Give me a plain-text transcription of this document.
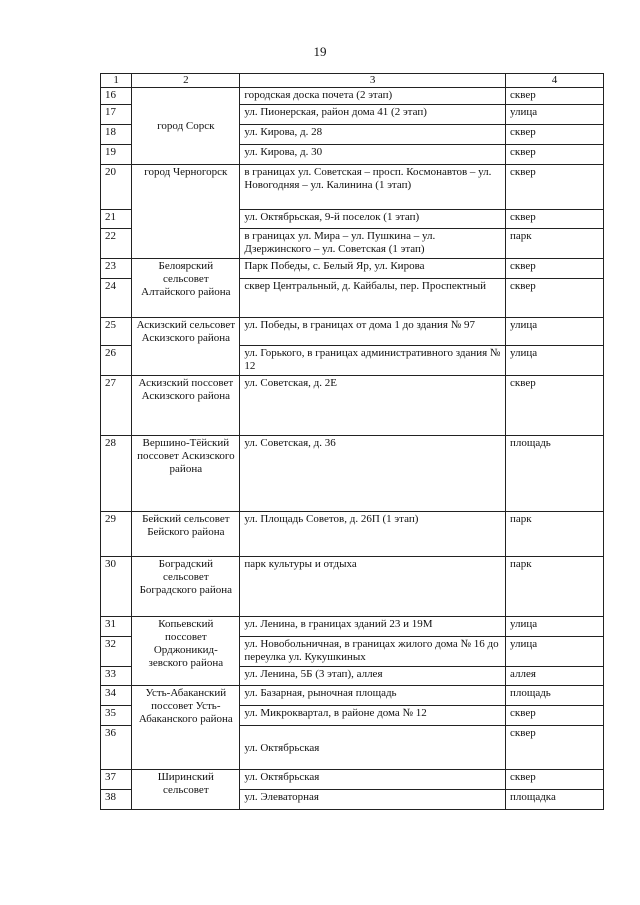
19
1	2	3	4
16	город Сорск	городская доска почета (2 этап)	сквер
17		ул. Пионерская, район дома 41 (2 этап)	улица
18		ул. Кирова, д. 28	сквер
19		ул. Кирова, д. 30	сквер
20	город Черногорск	в границах ул. Советская – просп. Космонавтов – ул. Новогодняя – ул. Калинина (1 этап)	сквер
21		ул. Октябрьская, 9-й поселок (1 этап)	сквер
22		в границах ул. Мира – ул. Пушкина – ул. Дзержинского – ул. Советская (1 этап)	парк
23	Белоярский сельсовет Алтайского района	Парк Победы, с. Белый Яр, ул. Кирова	сквер
24		сквер Центральный, д. Кайбалы, пер. Проспектный	сквер
25	Аскизский сельсовет Аскизского района	ул. Победы, в границах от дома 1 до здания № 97	улица
26		ул. Горького, в границах административного здания № 12	улица
27	Аскизский поссовет Аскизского района	ул. Советская, д. 2Е	сквер
28	Вершино-Тёйский поссовет Аскизского района	ул. Советская, д. 36	площадь
29	Бейский сельсовет Бейского района	ул. Площадь Советов, д. 26П (1 этап)	парк
30	Боградский сельсовет Боградского района	парк культуры и отдыха	парк
31	Копьевский поссовет Орджоникид-зевского района	ул. Ленина, в границах зданий 23 и 19М	улица
32		ул. Новобольничная, в границах жилого дома № 16 до переулка ул. Кукушкиных	улица
33		ул. Ленина, 5Б (3 этап), аллея	аллея
34	Усть-Абаканский поссовет Усть-Абаканского района	ул. Базарная, рыночная площадь	площадь
35		ул. Микроквартал, в районе дома № 12	сквер
36		ул. Октябрьская	сквер
37	Ширинский сельсовет	ул. Октябрьская	сквер
38		ул. Элеваторная	площадка
